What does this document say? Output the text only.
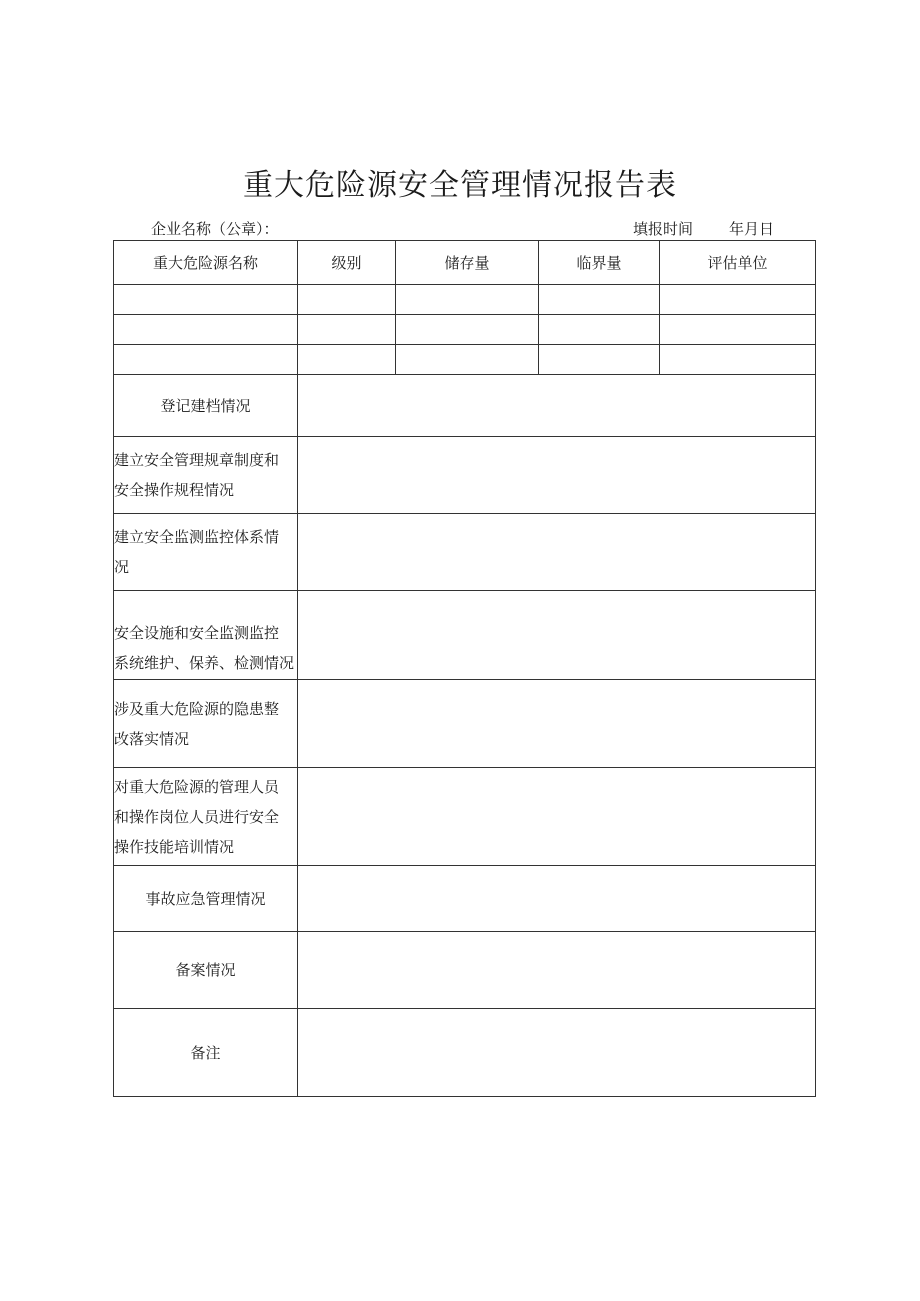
重大危险源安全管理情况报告表
企业名称（公章）：	填报时间 年月日
重大危险源名称	级别	储存量	临界量	评估单位

登记建档情况				

建立安全管理规章制度和
安全操作规程情况				

建立安全监测监控体系情
况				

安全设施和安全监测监控
系统维护、保养、检测情况				

涉及重大危险源的隐患整
改落实情况				

对重大危险源的管理人员
和操作岗位人员进行安全
操作技能培训情况				

事故应急管理情况				

备案情况				

备注				
